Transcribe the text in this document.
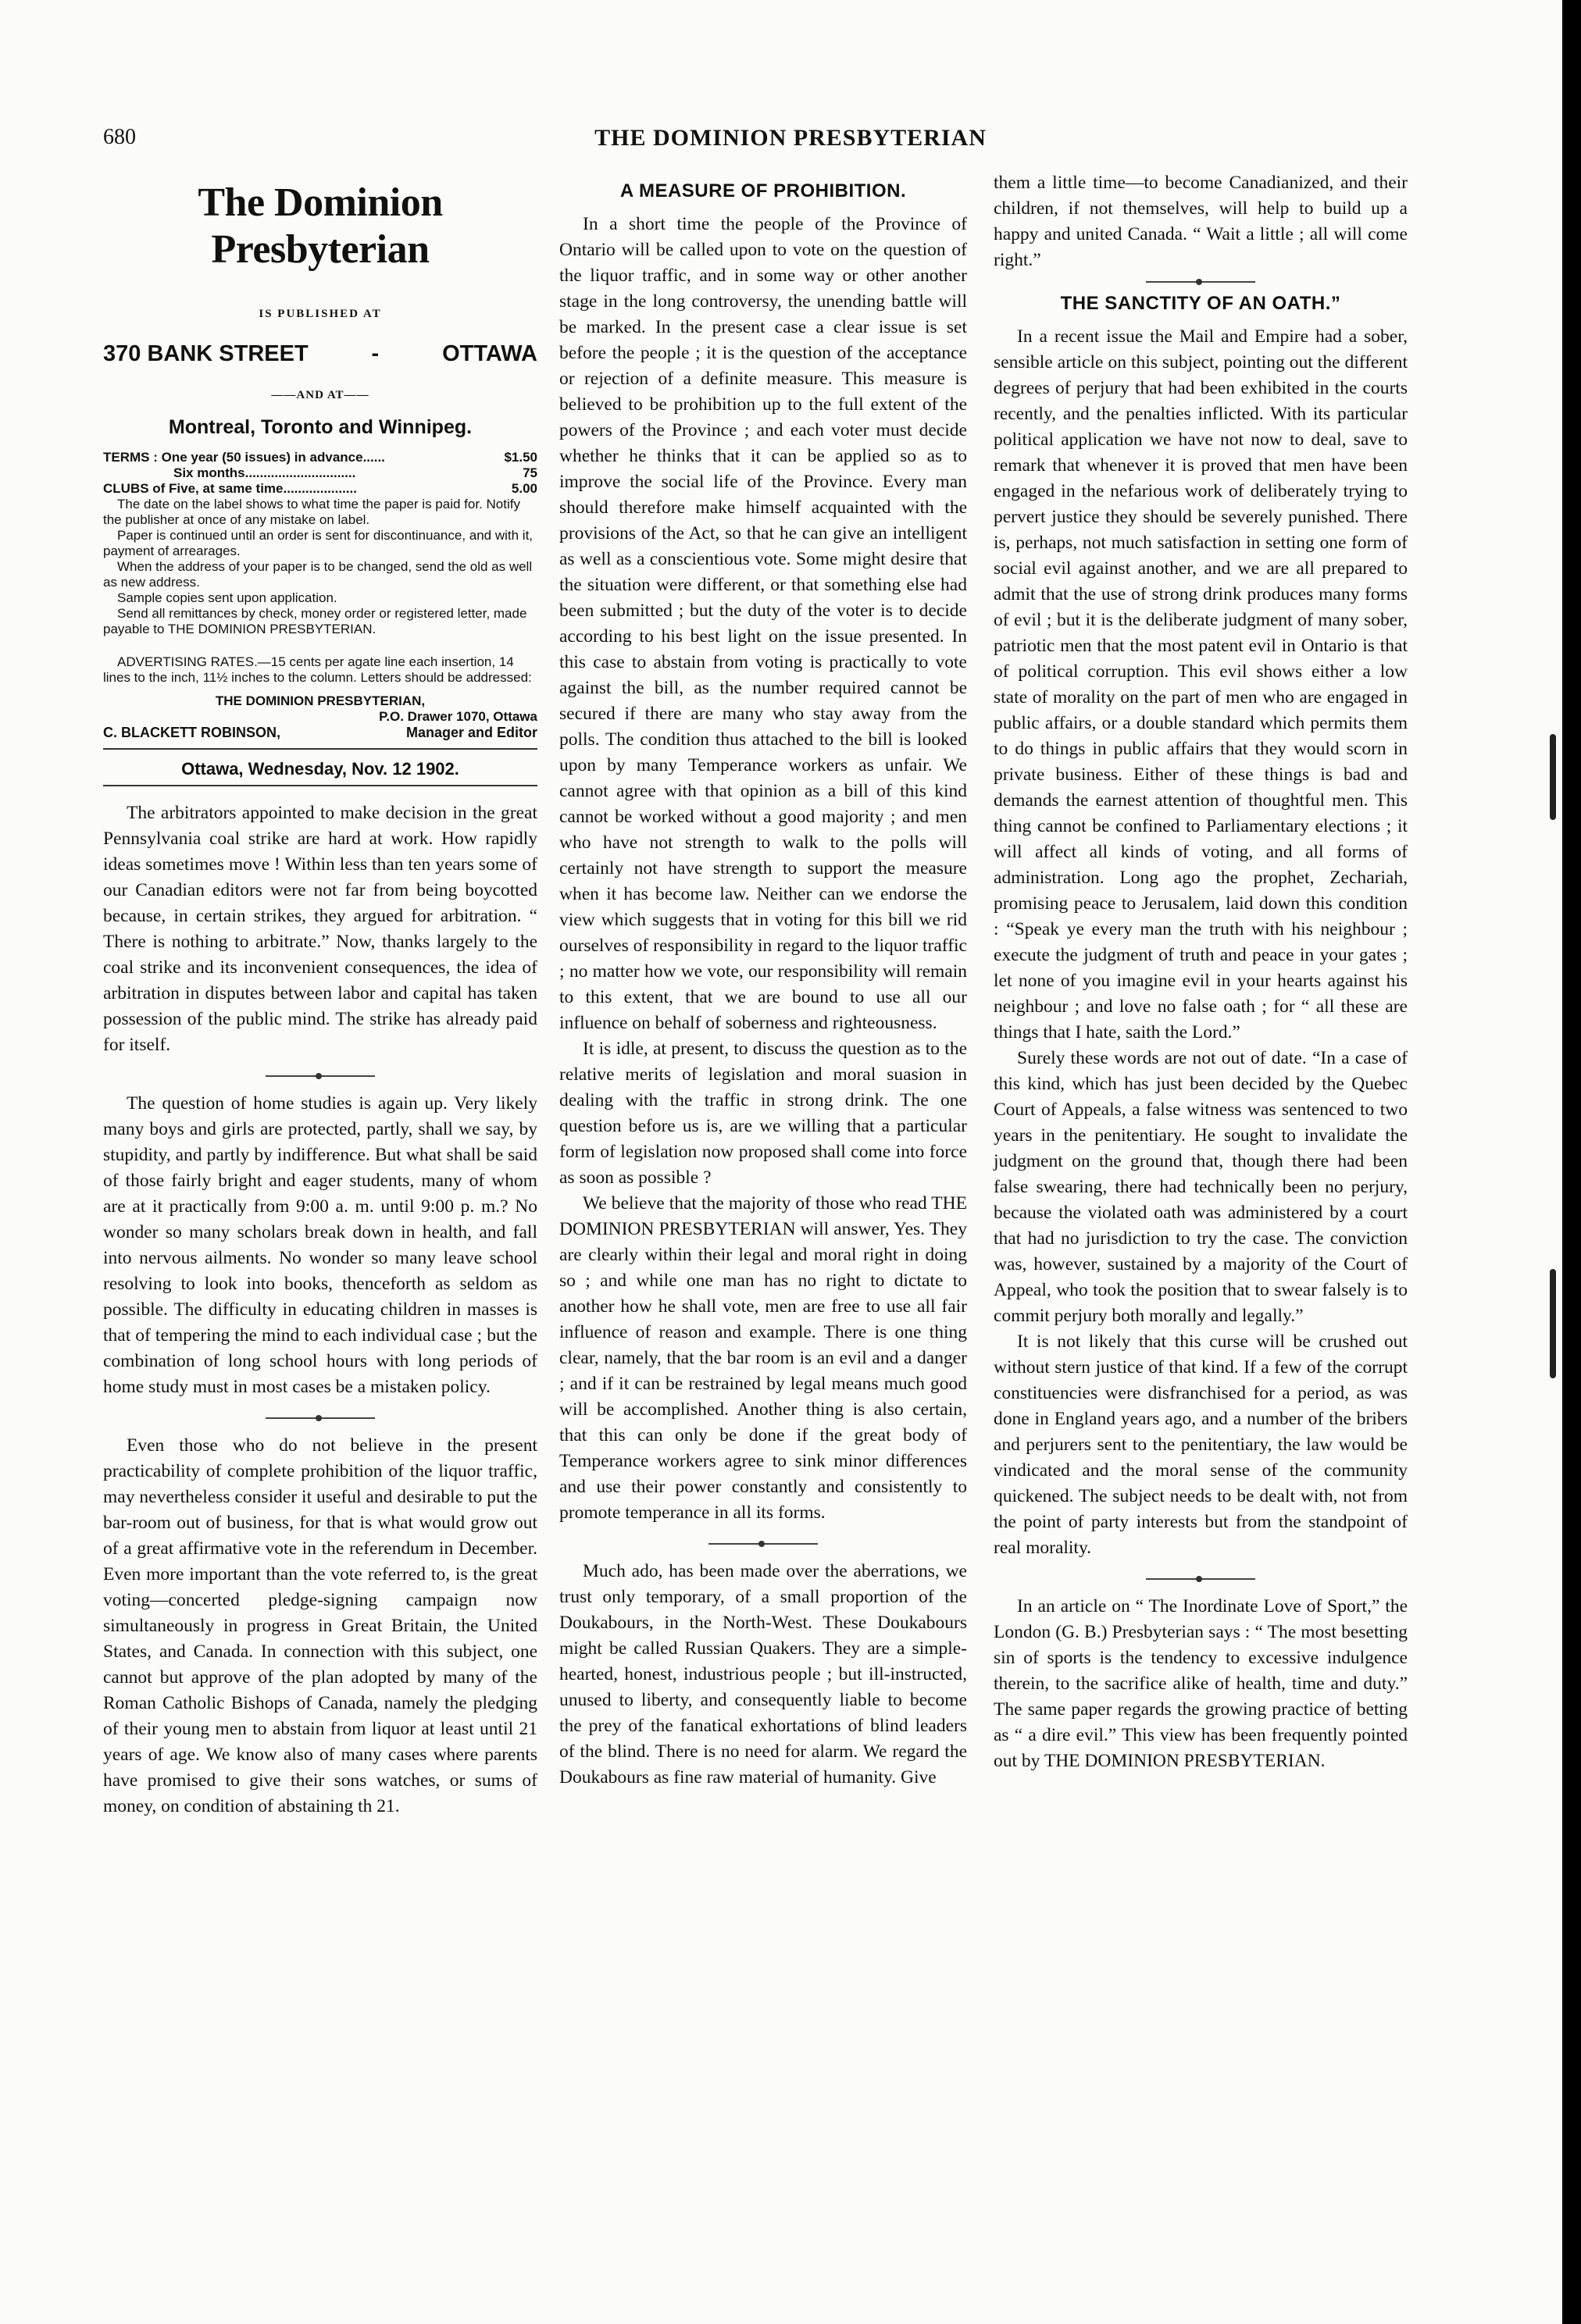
680	THE DOMINION PRESBYTERIAN
The Dominion Presbyterian
IS PUBLISHED AT
370 BANK STREET	-	OTTAWA
——AND AT——
Montreal, Toronto and Winnipeg.
TERMS : One year (50 issues) in advance......	$1.50
Six months..............................	75
CLUBS of Five, at same time....................	5.00
The date on the label shows to what time the paper is paid for. Notify the publisher at once of any mistake on label.
Paper is continued until an order is sent for discontinuance, and with it, payment of arrearages.
When the address of your paper is to be changed, send the old as well as new address.
Sample copies sent upon application.
Send all remittances by check, money order or registered letter, made payable to THE DOMINION PRESBYTERIAN.

ADVERTISING RATES.—15 cents per agate line each insertion, 14 lines to the inch, 11½ inches to the column. Letters should be addressed:

THE DOMINION PRESBYTERIAN,
P.O. Drawer 1070, Ottawa
C. BLACKETT ROBINSON,	Manager and Editor
Ottawa, Wednesday, Nov. 12 1902.

The arbitrators appointed to make decision in the great Pennsylvania coal strike are hard at work. How rapidly ideas sometimes move ! Within less than ten years some of our Canadian editors were not far from being boycotted because, in certain strikes, they argued for arbitration. “ There is nothing to arbitrate.” Now, thanks largely to the coal strike and its inconvenient consequences, the idea of arbitration in disputes between labor and capital has taken possession of the public mind. The strike has already paid for itself.

The question of home studies is again up. Very likely many boys and girls are protected, partly, shall we say, by stupidity, and partly by indifference. But what shall be said of those fairly bright and eager students, many of whom are at it practically from 9:00 a. m. until 9:00 p. m.? No wonder so many scholars break down in health, and fall into nervous ailments. No wonder so many leave school resolving to look into books, thenceforth as seldom as possible. The difficulty in educating children in masses is that of tempering the mind to each individual case ; but the combination of long school hours with long periods of home study must in most cases be a mistaken policy.

Even those who do not believe in the present practicability of complete prohibition of the liquor traffic, may nevertheless consider it useful and desirable to put the bar-room out of business, for that is what would grow out of a great affirmative vote in the referendum in December. Even more important than the vote referred to, is the great voting—concerted pledge-signing campaign now simultaneously in progress in Great Britain, the United States, and Canada. In connection with this subject, one cannot but approve of the plan adopted by many of the Roman Catholic Bishops of Canada, namely the pledging of their young men to abstain from liquor at least until 21 years of age. We know also of many cases where parents have promised to give their sons watches, or sums of money, on condition of abstaining th 21.

A MEASURE OF PROHIBITION.

In a short time the people of the Province of Ontario will be called upon to vote on the question of the liquor traffic, and in some way or other another stage in the long controversy, the unending battle will be marked. In the present case a clear issue is set before the people ; it is the question of the acceptance or rejection of a definite measure. This measure is believed to be prohibition up to the full extent of the powers of the Province ; and each voter must decide whether he thinks that it can be applied so as to improve the social life of the Province. Every man should therefore make himself acquainted with the provisions of the Act, so that he can give an intelligent as well as a conscientious vote. Some might desire that the situation were different, or that something else had been submitted ; but the duty of the voter is to decide according to his best light on the issue presented. In this case to abstain from voting is practically to vote against the bill, as the number required cannot be secured if there are many who stay away from the polls. The condition thus attached to the bill is looked upon by many Temperance workers as unfair. We cannot agree with that opinion as a bill of this kind cannot be worked without a good majority ; and men who have not strength to walk to the polls will certainly not have strength to support the measure when it has become law. Neither can we endorse the view which suggests that in voting for this bill we rid ourselves of responsibility in regard to the liquor traffic ; no matter how we vote, our responsibility will remain to this extent, that we are bound to use all our influence on behalf of soberness and righteousness.

It is idle, at present, to discuss the question as to the relative merits of legislation and moral suasion in dealing with the traffic in strong drink. The one question before us is, are we willing that a particular form of legislation now proposed shall come into force as soon as possible ?

We believe that the majority of those who read THE DOMINION PRESBYTERIAN will answer, Yes. They are clearly within their legal and moral right in doing so ; and while one man has no right to dictate to another how he shall vote, men are free to use all fair influence of reason and example. There is one thing clear, namely, that the bar room is an evil and a danger ; and if it can be restrained by legal means much good will be accomplished. Another thing is also certain, that this can only be done if the great body of Temperance workers agree to sink minor differences and use their power constantly and consistently to promote temperance in all its forms.

Much ado, has been made over the aberrations, we trust only temporary, of a small proportion of the Doukabours, in the North-West. These Doukabours might be called Russian Quakers. They are a simple-hearted, honest, industrious people ; but ill-instructed, unused to liberty, and consequently liable to become the prey of the fanatical exhortations of blind leaders of the blind. There is no need for alarm. We regard the Doukabours as fine raw material of humanity. Give

them a little time—to become Canadianized, and their children, if not themselves, will help to build up a happy and united Canada. “ Wait a little ; all will come right.”

THE SANCTITY OF AN OATH.”

In a recent issue the Mail and Empire had a sober, sensible article on this subject, pointing out the different degrees of perjury that had been exhibited in the courts recently, and the penalties inflicted. With its particular political application we have not now to deal, save to remark that whenever it is proved that men have been engaged in the nefarious work of deliberately trying to pervert justice they should be severely punished. There is, perhaps, not much satisfaction in setting one form of social evil against another, and we are all prepared to admit that the use of strong drink produces many forms of evil ; but it is the deliberate judgment of many sober, patriotic men that the most patent evil in Ontario is that of political corruption. This evil shows either a low state of morality on the part of men who are engaged in public affairs, or a double standard which permits them to do things in public affairs that they would scorn in private business. Either of these things is bad and demands the earnest attention of thoughtful men. This thing cannot be confined to Parliamentary elections ; it will affect all kinds of voting, and all forms of administration. Long ago the prophet, Zechariah, promising peace to Jerusalem, laid down this condition : “Speak ye every man the truth with his neighbour ; execute the judgment of truth and peace in your gates ; let none of you imagine evil in your hearts against his neighbour ; and love no false oath ; for “ all these are things that I hate, saith the Lord.”

Surely these words are not out of date. “In a case of this kind, which has just been decided by the Quebec Court of Appeals, a false witness was sentenced to two years in the penitentiary. He sought to invalidate the judgment on the ground that, though there had been false swearing, there had technically been no perjury, because the violated oath was administered by a court that had no jurisdiction to try the case. The conviction was, however, sustained by a majority of the Court of Appeal, who took the position that to swear falsely is to commit perjury both morally and legally.”

It is not likely that this curse will be crushed out without stern justice of that kind. If a few of the corrupt constituencies were disfranchised for a period, as was done in England years ago, and a number of the bribers and perjurers sent to the penitentiary, the law would be vindicated and the moral sense of the community quickened. The subject needs to be dealt with, not from the point of party interests but from the standpoint of real morality.

In an article on “ The Inordinate Love of Sport,” the London (G. B.) Presbyterian says : “ The most besetting sin of sports is the tendency to excessive indulgence therein, to the sacrifice alike of health, time and duty.” The same paper regards the growing practice of betting as “ a dire evil.” This view has been frequently pointed out by THE DOMINION PRESBYTERIAN.
